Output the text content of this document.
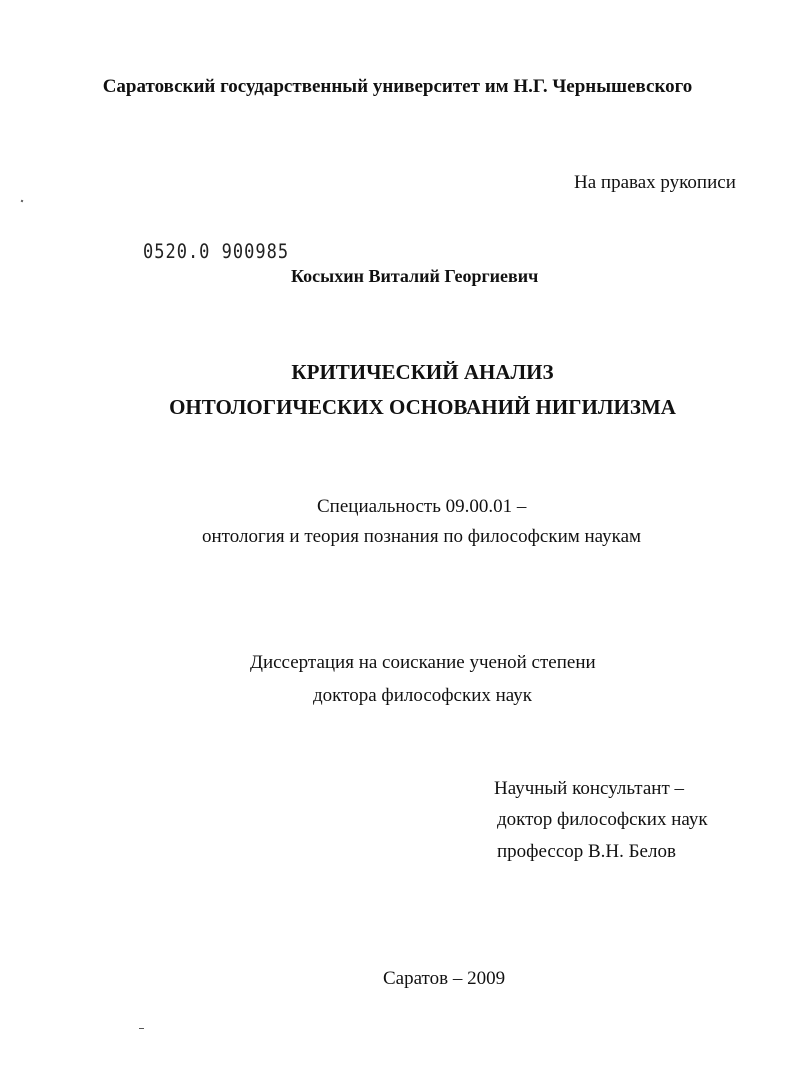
Саратовский государственный университет им Н.Г. Чернышевского
На правах рукописи
0520.0 900985
Косыхин Виталий Георгиевич
КРИТИЧЕСКИЙ АНАЛИЗ
ОНТОЛОГИЧЕСКИХ ОСНОВАНИЙ НИГИЛИЗМА
Специальность 09.00.01 –
онтология и теория познания по философским наукам
Диссертация на соискание ученой степени
доктора философских наук
Научный консультант –
доктор философских наук
профессор В.Н. Белов
Саратов – 2009
